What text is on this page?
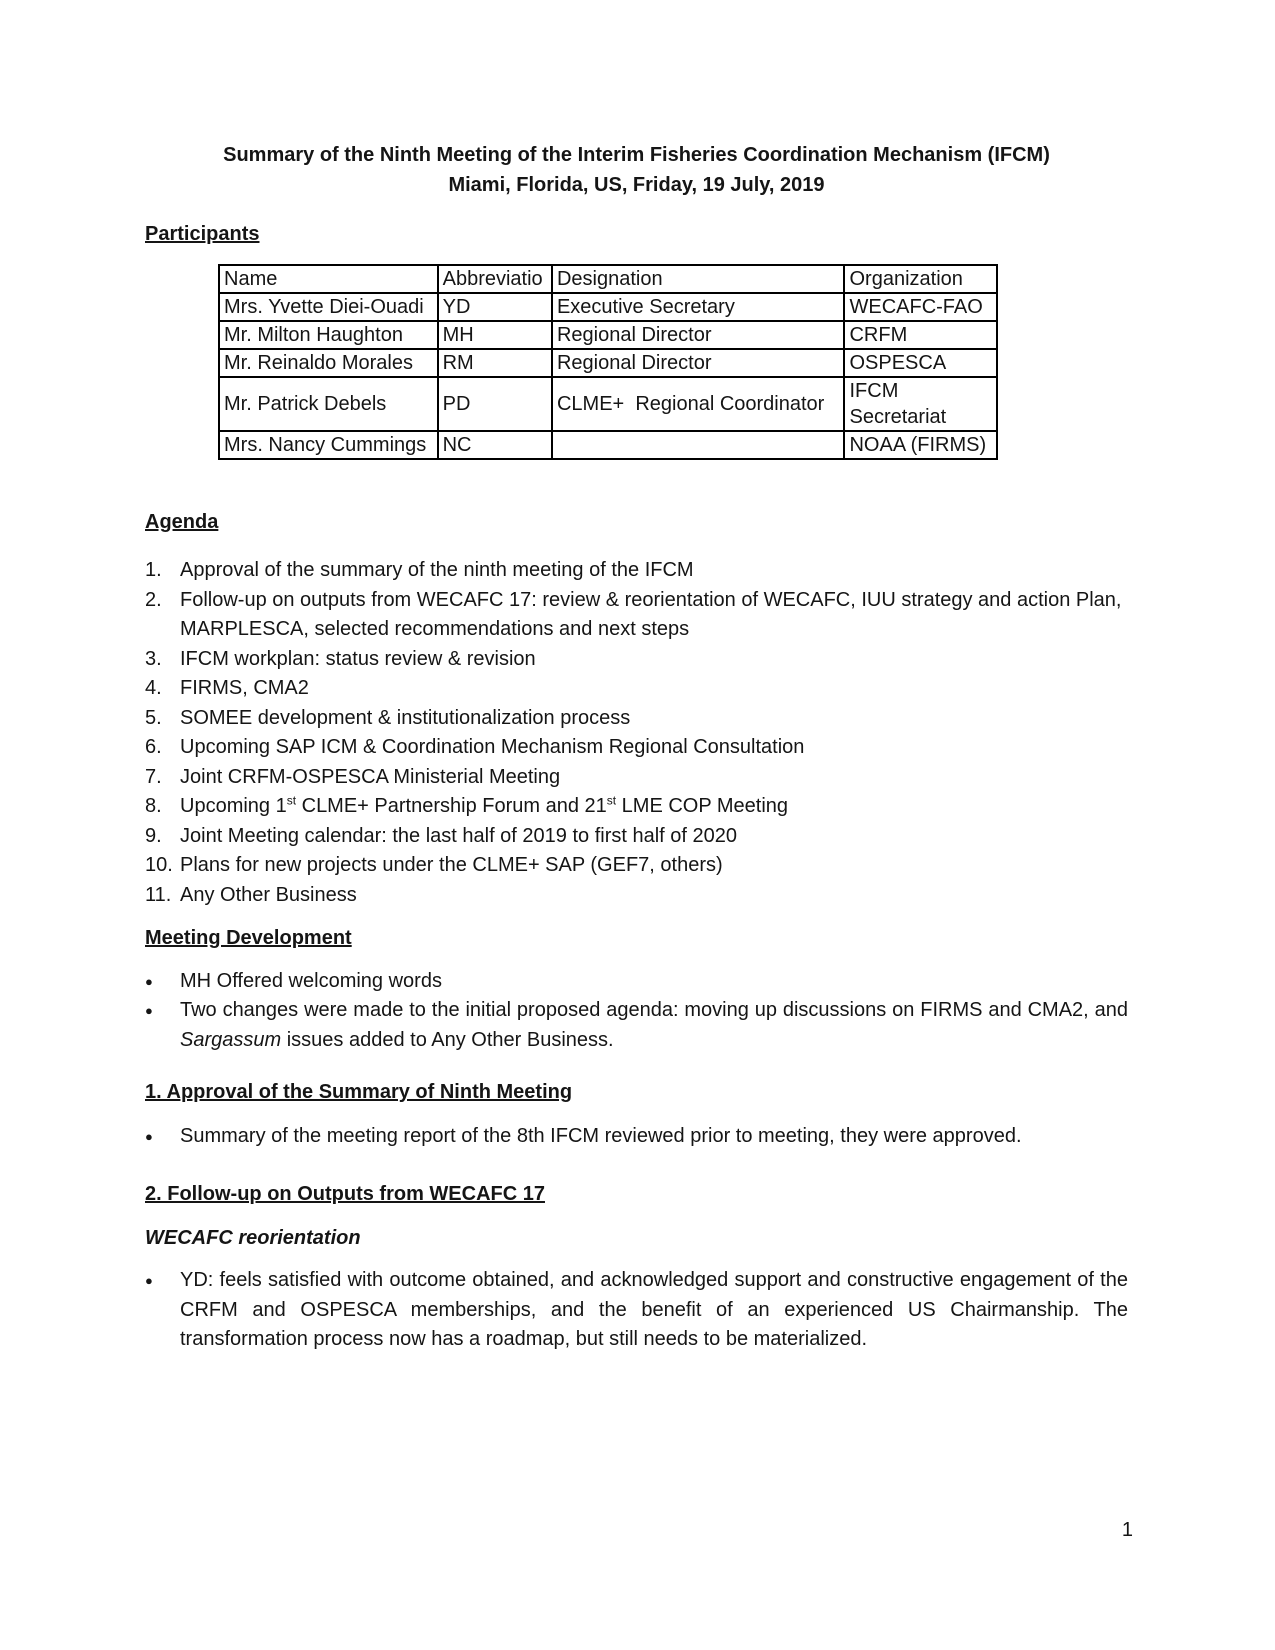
Summary of the Ninth Meeting of the Interim Fisheries Coordination Mechanism (IFCM)
Miami, Florida, US, Friday, 19 July, 2019
Participants
Name	Abbreviatio	Designation	Organization
Mrs. Yvette Diei-Ouadi	YD	Executive Secretary	WECAFC-FAO
Mr. Milton Haughton	MH	Regional Director	CRFM
Mr. Reinaldo Morales	RM	Regional Director	OSPESCA
Mr. Patrick Debels	PD	CLME+  Regional Coordinator	IFCM Secretariat
Mrs. Nancy Cummings	NC		NOAA (FIRMS)
Agenda
1. Approval of the summary of the ninth meeting of the IFCM
2. Follow-up on outputs from WECAFC 17: review & reorientation of WECAFC, IUU strategy and action Plan, MARPLESCA, selected recommendations and next steps
3. IFCM workplan: status review & revision
4. FIRMS, CMA2
5. SOMEE development & institutionalization process
6. Upcoming SAP ICM & Coordination Mechanism Regional Consultation
7. Joint CRFM-OSPESCA Ministerial Meeting
8. Upcoming 1st CLME+ Partnership Forum and 21st LME COP Meeting
9. Joint Meeting calendar: the last half of 2019 to first half of 2020
10. Plans for new projects under the CLME+ SAP (GEF7, others)
11. Any Other Business
Meeting Development
●	MH Offered welcoming words
●	Two changes were made to the initial proposed agenda: moving up discussions on FIRMS and CMA2, and Sargassum issues added to Any Other Business.
1. Approval of the Summary of Ninth Meeting
●	Summary of the meeting report of the 8th IFCM reviewed prior to meeting, they were approved.
2. Follow-up on Outputs from WECAFC 17
WECAFC reorientation
●	YD: feels satisfied with outcome obtained, and acknowledged support and constructive engagement of the CRFM and OSPESCA memberships, and the benefit of an experienced US Chairmanship. The transformation process now has a roadmap, but still needs to be materialized.
1
